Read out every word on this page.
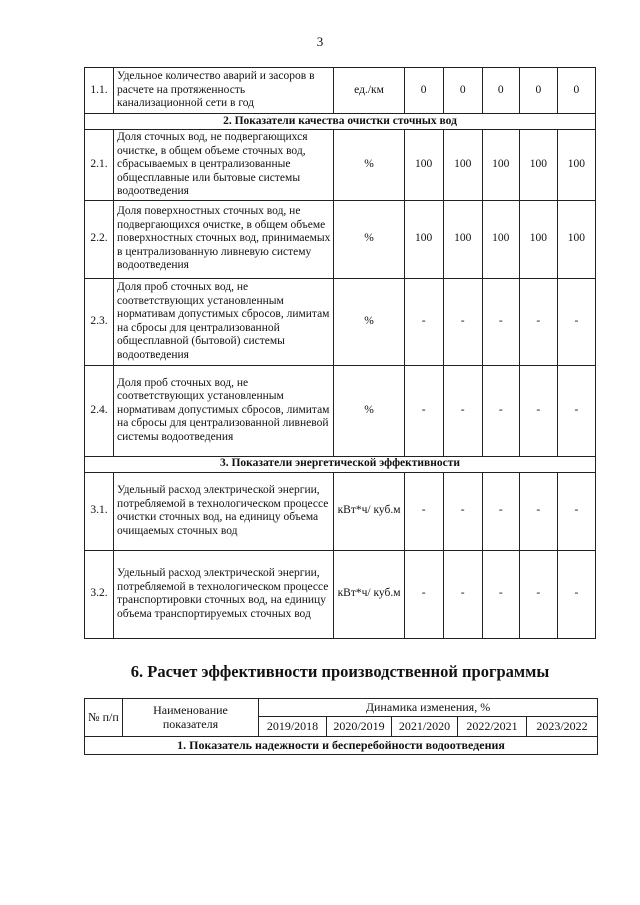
3
1.1.	Удельное количество аварий и засоров в расчете на протяженность канализационной сети в год	ед./км	0	0	0	0	0
2. Показатели качества очистки сточных вод							
2.1.	Доля сточных вод, не подвергающихся очистке, в общем объеме сточных вод, сбрасываемых в централизованные общесплавные или бытовые системы водоотведения	%	100	100	100	100	100
2.2.	Доля поверхностных сточных вод, не подвергающихся очистке, в общем объеме поверхностных сточных вод, принимаемых в централизованную ливневую систему водоотведения	%	100	100	100	100	100
2.3.	Доля проб сточных вод, не соответствующих установленным нормативам допустимых сбросов, лимитам на сбросы для централизованной общесплавной (бытовой) системы водоотведения	%	-	-	-	-	-
2.4.	Доля проб сточных вод, не соответствующих установленным нормативам допустимых сбросов, лимитам на сбросы для централизованной ливневой системы водоотведения	%	-	-	-	-	-
3. Показатели энергетической эффективности							
3.1.	Удельный расход электрической энергии, потребляемой в технологическом процессе очистки сточных вод, на единицу объема очищаемых сточных вод	кВт*ч/ куб.м	-	-	-	-	-
3.2.	Удельный расход электрической энергии, потребляемой в технологическом процессе транспортировки сточных вод, на единицу объема транспортируемых сточных вод	кВт*ч/ куб.м	-	-	-	-	-
6. Расчет эффективности производственной программы
№ п/п	Наименование показателя	Динамика изменения, %				
		2019/2018	2020/2019	2021/2020	2022/2021	2023/2022
1. Показатель надежности и бесперебойности водоотведения						
